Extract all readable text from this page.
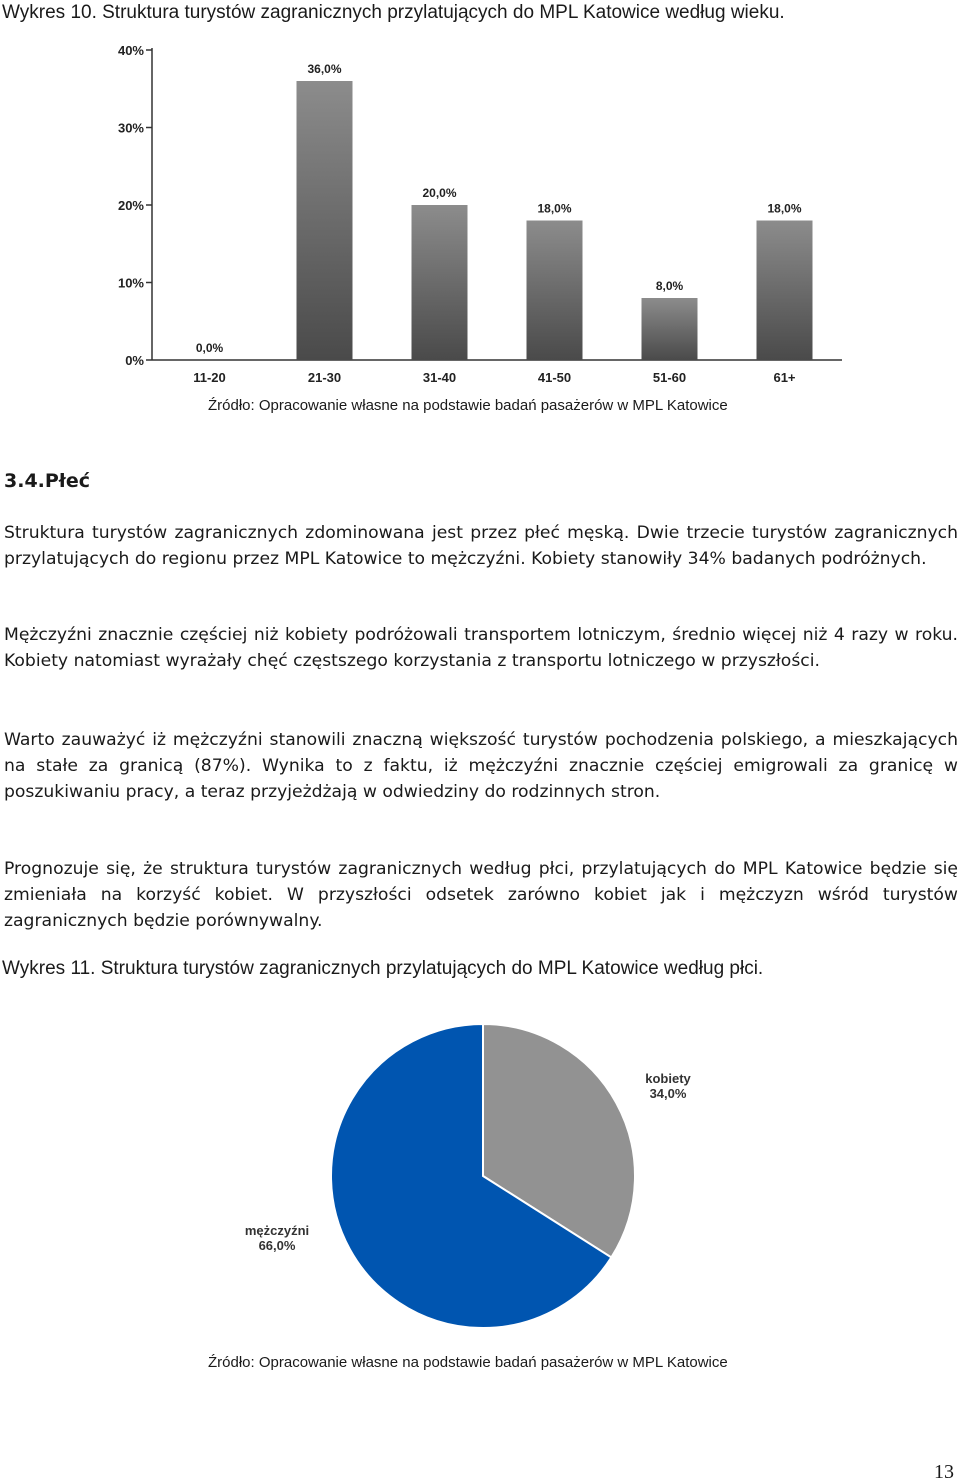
Wykres 10. Struktura turystów zagranicznych przylatujących do MPL Katowice według wieku.
0%
10%
20%
30%
40%
0,0%
11-20
36,0%
21-30
20,0%
31-40
18,0%
41-50
8,0%
51-60
18,0%
61+
Źródło: Opracowanie własne na podstawie badań pasażerów w MPL Katowice
3.4.Płeć

Struktura turystów zagranicznych zdominowana jest przez płeć męską. Dwie trzecie turystów zagranicznych przylatujących do regionu przez MPL Katowice to mężczyźni. Kobiety stanowiły 34% badanych podróżnych.

Mężczyźni znacznie częściej niż kobiety podróżowali transportem lotniczym, średnio więcej niż 4 razy w roku. Kobiety natomiast wyrażały chęć częstszego korzystania z transportu lotniczego w przyszłości.

Warto zauważyć iż mężczyźni stanowili znaczną większość turystów pochodzenia polskiego, a mieszkających na stałe za granicą (87%). Wynika to z faktu, iż mężczyźni znacznie częściej emigrowali za granicę w poszukiwaniu pracy, a teraz przyjeżdżają w odwiedziny do rodzinnych stron.

Prognozuje się, że struktura turystów zagranicznych według płci, przylatujących do MPL Katowice będzie się zmieniała na korzyść kobiet. W przyszłości odsetek zarówno kobiet jak i mężczyzn wśród turystów zagranicznych będzie porównywalny.

Wykres 11. Struktura turystów zagranicznych przylatujących do MPL Katowice według płci.
kobiety
34,0%
mężczyźni
66,0%
Źródło: Opracowanie własne na podstawie badań pasażerów w MPL Katowice
13
